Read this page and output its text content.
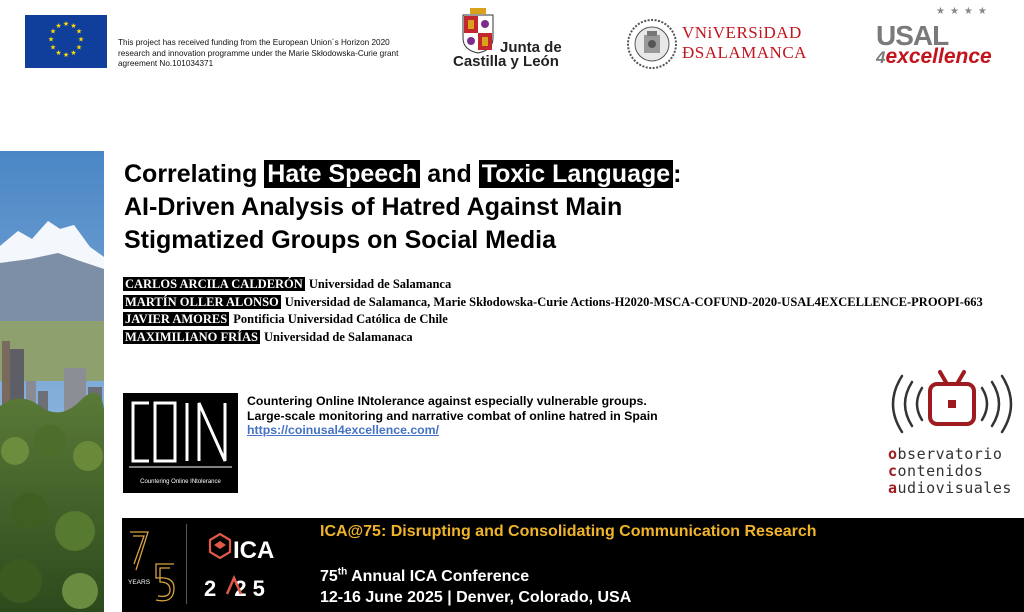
★ ★
★
★
★
★
★
★
★
★
★
★
This project has received funding from the European Union´s Horizon 2020 research and innovation programme under the Marie Skłodowska-Curie grant agreement No.101034371
Junta de
Castilla y León
VNiVERSiDAD
ÐSALAMANCA
★★★★
USAL
4excellence
Correlating Hate Speech and Toxic Language :
AI-Driven Analysis of Hatred Against Main
Stigmatized Groups on Social Media
CARLOS ARCILA CALDERÓN Universidad de Salamanca
MARTÍN OLLER ALONSO Universidad de Salamanca, Marie Skłodowska-Curie Actions-H2020-MSCA-COFUND-2020-USAL4EXCELLENCE-PROOPI-663
JAVIER AMORES Pontificia Universidad Católica de Chile
MAXIMILIANO FRÍAS Universidad de Salamanaca
Countering Online INtolerance
Countering Online INtolerance against especially vulnerable groups.
Large-scale monitoring and narrative combat of online hatred in Spain
https://coinusal4excellence.com/
observatorio
contenidos
audiovisuales
YEARS
ICA
2 25
ICA@75: Disrupting and Consolidating Communication Research
75th Annual ICA Conference
12-16 June 2025 | Denver, Colorado, USA
